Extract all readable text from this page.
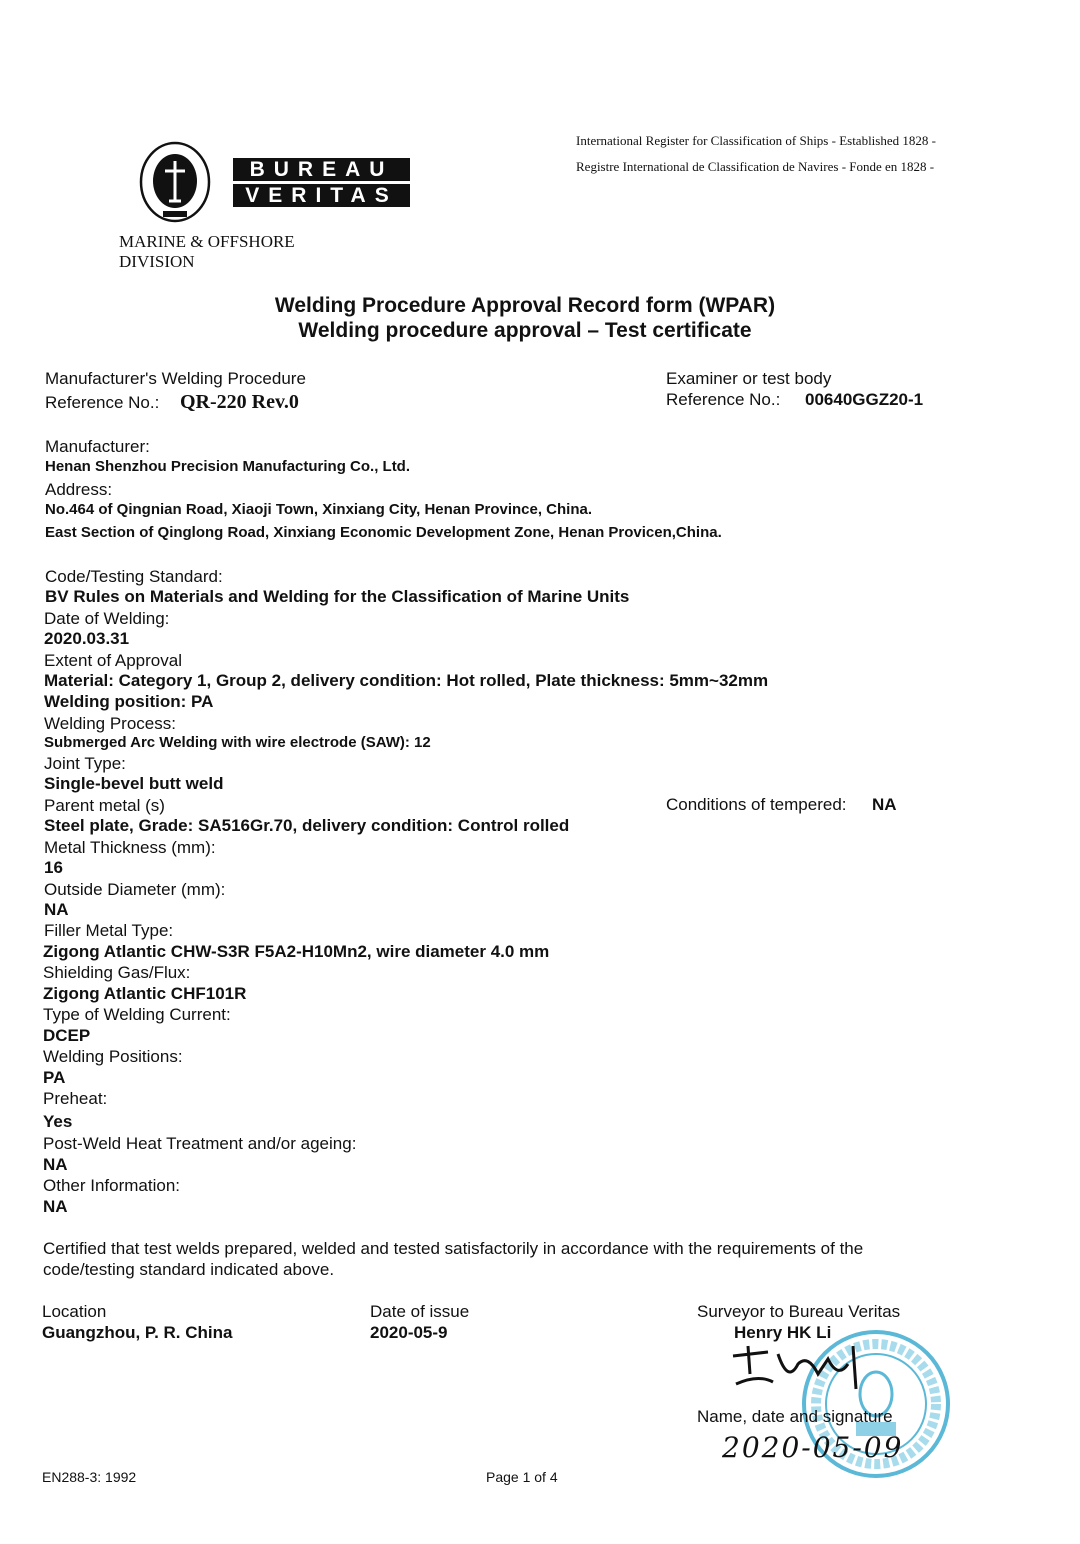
BUREAU
VERITAS
MARINE & OFFSHORE
DIVISION
International Register for Classification of Ships - Established 1828 -
Registre International de Classification de Navires - Fonde en 1828 -
Welding Procedure Approval Record form (WPAR)
Welding procedure approval – Test certificate
Manufacturer's Welding Procedure
Reference No.: QR-220 Rev.0
Examiner or test body
Reference No.: 00640GGZ20-1
Manufacturer:
Henan Shenzhou Precision Manufacturing Co., Ltd.
Address:
No.464 of Qingnian Road, Xiaoji Town, Xinxiang City, Henan Province, China.
East Section of Qinglong Road, Xinxiang Economic Development Zone, Henan Provicen,China.
Code/Testing Standard:
BV Rules on Materials and Welding for the Classification of Marine Units
Date of Welding:
2020.03.31
Extent of Approval
Material: Category 1, Group 2, delivery condition: Hot rolled, Plate thickness: 5mm~32mm
Welding position: PA
Welding Process:
Submerged Arc Welding with wire electrode (SAW): 12
Joint Type:
Single-bevel butt weld
Parent metal (s)	Conditions of tempered: NA
Steel plate, Grade: SA516Gr.70, delivery condition: Control rolled
Metal Thickness (mm):
16
Outside Diameter (mm):
NA
Filler Metal Type:
Zigong Atlantic CHW-S3R F5A2-H10Mn2, wire diameter 4.0 mm
Shielding Gas/Flux:
Zigong Atlantic CHF101R
Type of Welding Current:
DCEP
Welding Positions:
PA
Preheat:
Yes
Post-Weld Heat Treatment and/or ageing:
NA
Other Information:
NA
Certified that test welds prepared, welded and tested satisfactorily in accordance with the requirements of the
code/testing standard indicated above.
Location
Guangzhou, P. R. China
Date of issue
2020-05-9
Surveyor to Bureau Veritas
Henry HK Li
Name, date and signature
2020-05-09
EN288-3: 1992	Page 1 of 4
